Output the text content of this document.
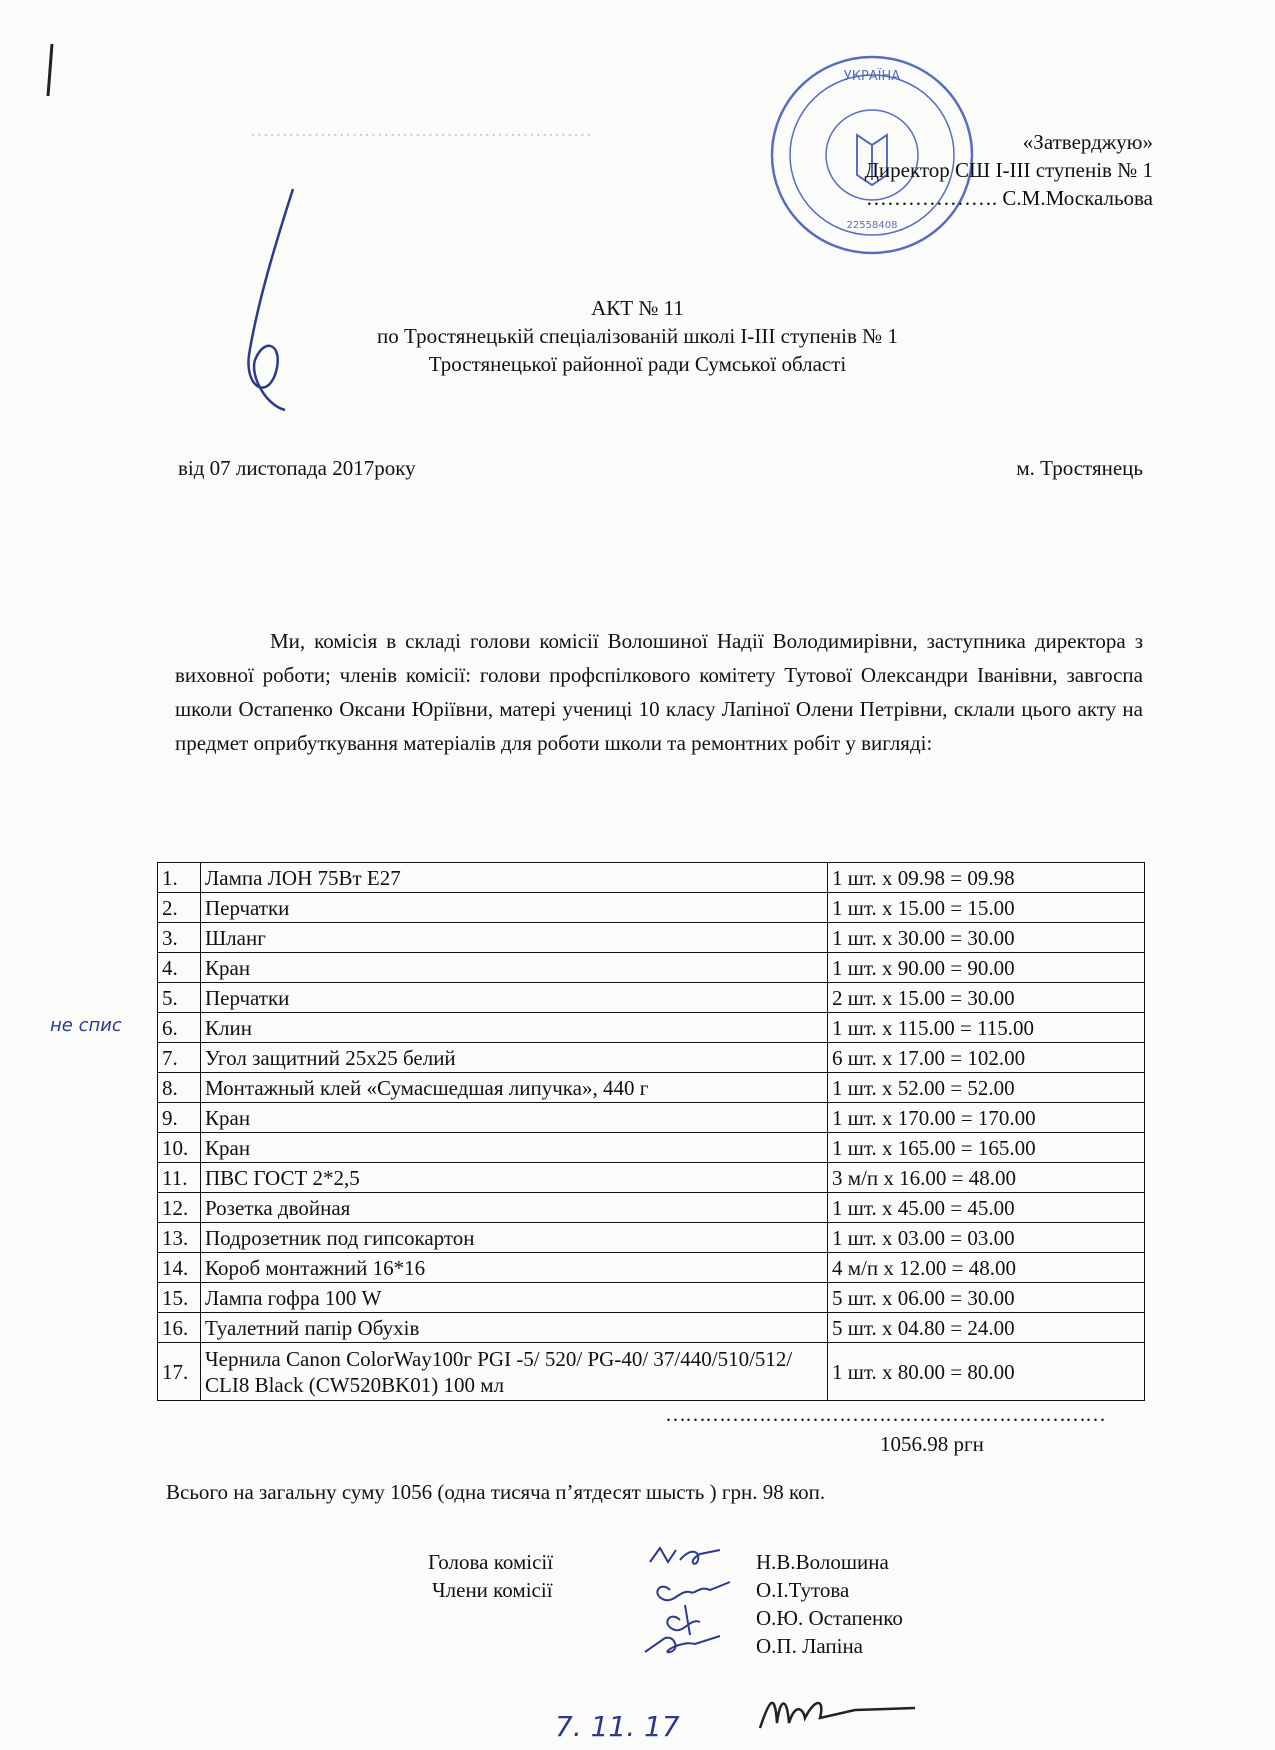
………………………………………………
УКРАЇНА
22558408
«Затверджую»
Директор СШ І-ІІІ ступенів № 1
………………. С.М.Москальова
АКТ № 11
по Тростянецькій спеціалізованій школі І-ІІІ ступенів № 1
Тростянецької районної ради Сумської області
від 07 листопада 2017року	м. Тростянець
Ми, комісія в складі голови комісії Волошиної Надії Володимирівни, заступника директора з виховної роботи; членів комісії: голови профспілкового комітету Тутової Олександри Іванівни, завгоспа школи Остапенко Оксани Юріївни, матері учениці 10 класу Лапіної Олени Петрівни, склали цього акту на предмет оприбуткування матеріалів для роботи школи та ремонтних робіт у вигляді:
1.	Лампа ЛОН 75Вт Е27	1 шт. х 09.98 = 09.98
2.	Перчатки	1 шт. х 15.00 = 15.00
3.	Шланг	1 шт. х 30.00 = 30.00
4.	Кран	1 шт. х 90.00 = 90.00
5.	Перчатки	2 шт. х 15.00 = 30.00
6.	Клин	1 шт. х 115.00 = 115.00
7.	Угол защитний 25х25 белий	6 шт. х 17.00 = 102.00
8.	Монтажный клей «Сумасшедшая липучка», 440 г	1 шт. х 52.00 = 52.00
9.	Кран	1 шт. х 170.00 = 170.00
10.	Кран	1 шт. х 165.00 = 165.00
11.	ПВС ГОСТ 2*2,5	3 м/п х 16.00 = 48.00
12.	Розетка двойная	1 шт. х 45.00 = 45.00
13.	Подрозетник под гипсокартон	1 шт. х 03.00 = 03.00
14.	Короб монтажний 16*16	4 м/п х 12.00 = 48.00
15.	Лампа гофра 100 W	5 шт. х 06.00 = 30.00
16.	Туалетний папір Обухів	5 шт. х 04.80 = 24.00
17.	Чернила Canon ColorWay100г PGI -5/ 520/ PG-40/ 37/440/510/512/ CLI8 Black (CW520BK01) 100 мл	1 шт. х 80.00 = 80.00
не спис
…………………………………………………………
1056.98 ргн
Всього на загальну суму 1056 (одна тисяча п’ятдесят шысть ) грн. 98 коп.
Голова комісії
Члени комісії
Н.В.Волошина
О.І.Тутова
О.Ю. Остапенко
О.П. Лапіна
7. 11. 17
